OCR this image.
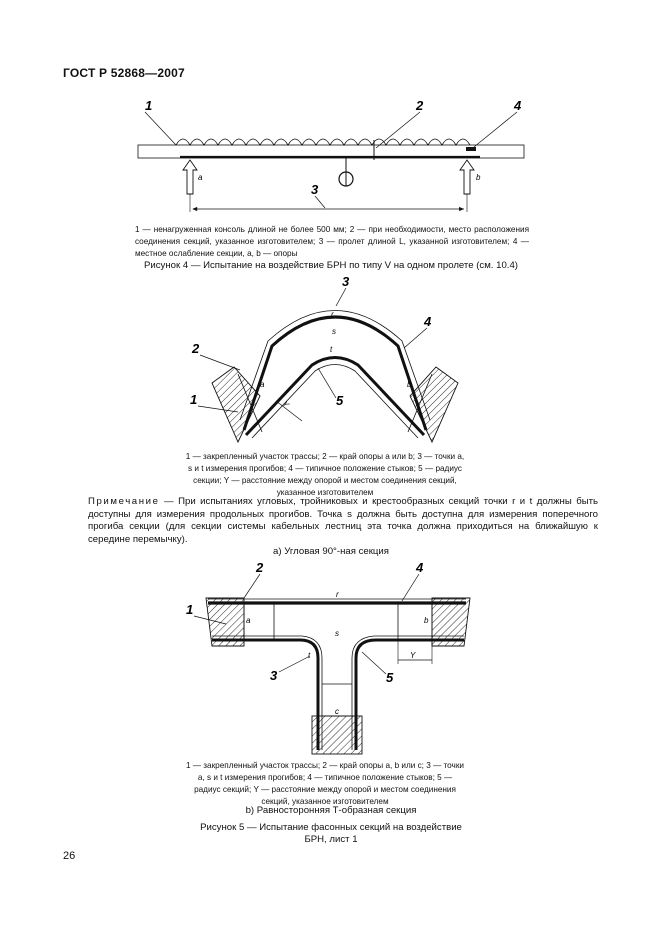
ГОСТ Р 52868—2007
a	b
1	2	4
3
1 — ненагруженная консоль длиной не более 500 мм; 2 — при необходимости, место расположения соединения секций, указанное изготовителем; 3 — пролет длиной L, указанной изготовителем; 4 — местное ослабление секции, a, b — опоры
Рисунок 4 — Испытание на воздействие БРН по типу V на одном пролете (см. 10.4)
Y
r
s
t
a	b
3
4
2
1	5
1 — закрепленный участок трассы; 2 — край опоры a или b; 3 — точки a, s и t измерения прогибов; 4 — типичное положение стыков; 5 — радиус секции; Y — расстояние между опорой и местом соединения секций, указанное изготовителем
Примечание — При испытаниях угловых, тройниковых и крестообразных секций точки r и t должны быть доступны для измерения продольных прогибов. Точка s должна быть доступна для измерения поперечного прогиба секции (для секции системы кабельных лестниц эта точка должна приходиться на ближайшую к середине перемычку).
a) Угловая 90°-ная секция
Y
r
s
t
a	b
c
2	4
1
3	5
1 — закрепленный участок трассы; 2 — край опоры a, b или c; 3 — точки a, s и t измерения прогибов; 4 — типичное положение стыков; 5 — радиус секций; Y — расстояние между опорой и местом соединения секций, указанное изготовителем
b) Равносторонняя Т-образная секция
Рисунок 5 — Испытание фасонных секций на воздействие
БРН, лист 1
26
